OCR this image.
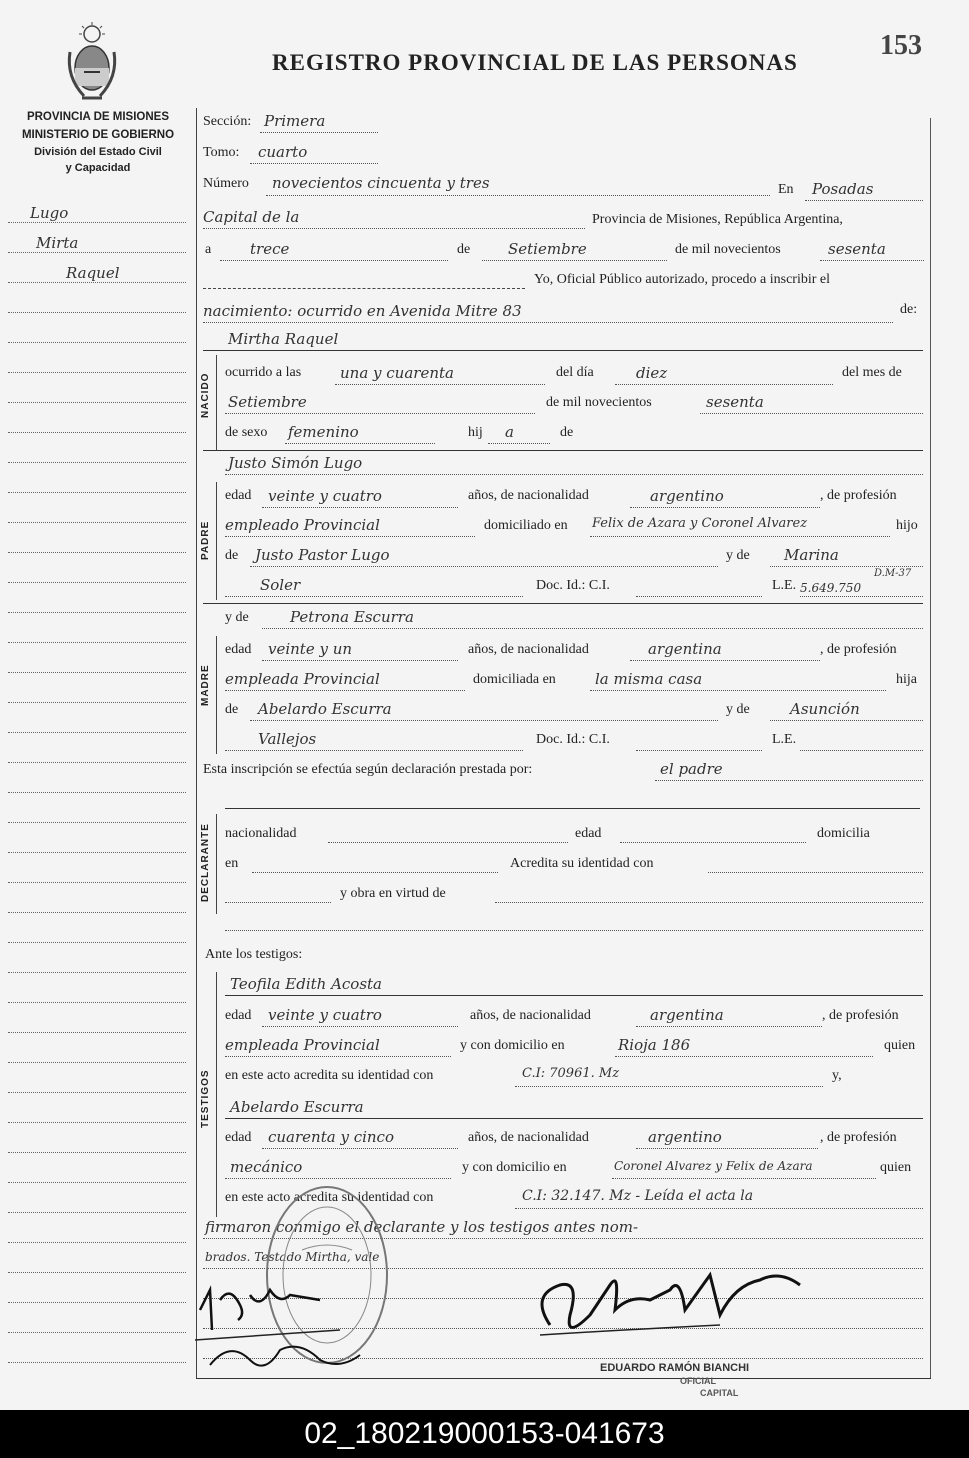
REGISTRO PROVINCIAL DE LAS PERSONAS
153
PROVINCIA DE MISIONES
MINISTERIO DE GOBIERNO
División del Estado Civil
y Capacidad
Lugo
Mirta
Raquel
Sección: Primera
Tomo: cuarto
Número novecientos cincuenta y tres	En Posadas
Capital de la	Provincia de Misiones, República Argentina,
a	trece	de	Setiembre	de mil novecientos	sesenta
Yo, Oficial Público autorizado, procedo a inscribir el
nacimiento: ocurrido en Avenida Mitre 83	de:
Mirtha Raquel
NACIDO
ocurrido a las	una y cuarenta	del día	diez	del mes de
Setiembre	de mil novecientos	sesenta
de sexo femenino	hij a	de
Justo Simón Lugo
PADRE
edad veinte y cuatro	años, de nacionalidad	argentino	, de profesión
empleado Provincial	domiciliado en Felix de Azara y Coronel Alvarez	hijo
de Justo Pastor Lugo	y de Marina
Soler	Doc. Id.: C.I.	L.E. 5.649.750
D.M-37
y de	Petrona Escurra
MADRE
edad veinte y un	años, de nacionalidad	argentina	, de profesión
empleada Provincial	domiciliada en	la misma casa	hija
de Abelardo Escurra	y de	Asunción
Vallejos	Doc. Id.: C.I.	L.E.
Esta inscripción se efectúa según declaración prestada por:	el padre
DECLARANTE nacionalidad	edad	domicilia
en	Acredita su identidad con
y obra en virtud de
Ante los testigos:
Teofila Edith Acosta
TESTIGOS
edad veinte y cuatro	años, de nacionalidad	argentina	, de profesión
empleada Provincial	y con domicilio en	Rioja 186	quien
en este acto acredita su identidad con	C.I: 70961. Mz	y,
Abelardo Escurra
edad cuarenta y cinco	años, de nacionalidad	argentino	, de profesión
mecánico	y con domicilio en	Coronel Alvarez y Felix de Azara	quien
en este acto acredita su identidad con	C.I: 32.147. Mz - Leída el acta la
firmaron conmigo el declarante y los testigos antes nom-
brados. Testado Mirtha, vale
EDUARDO RAMÓN BIANCHI
OFICIAL
CAPITAL
02_180219000153-041673
